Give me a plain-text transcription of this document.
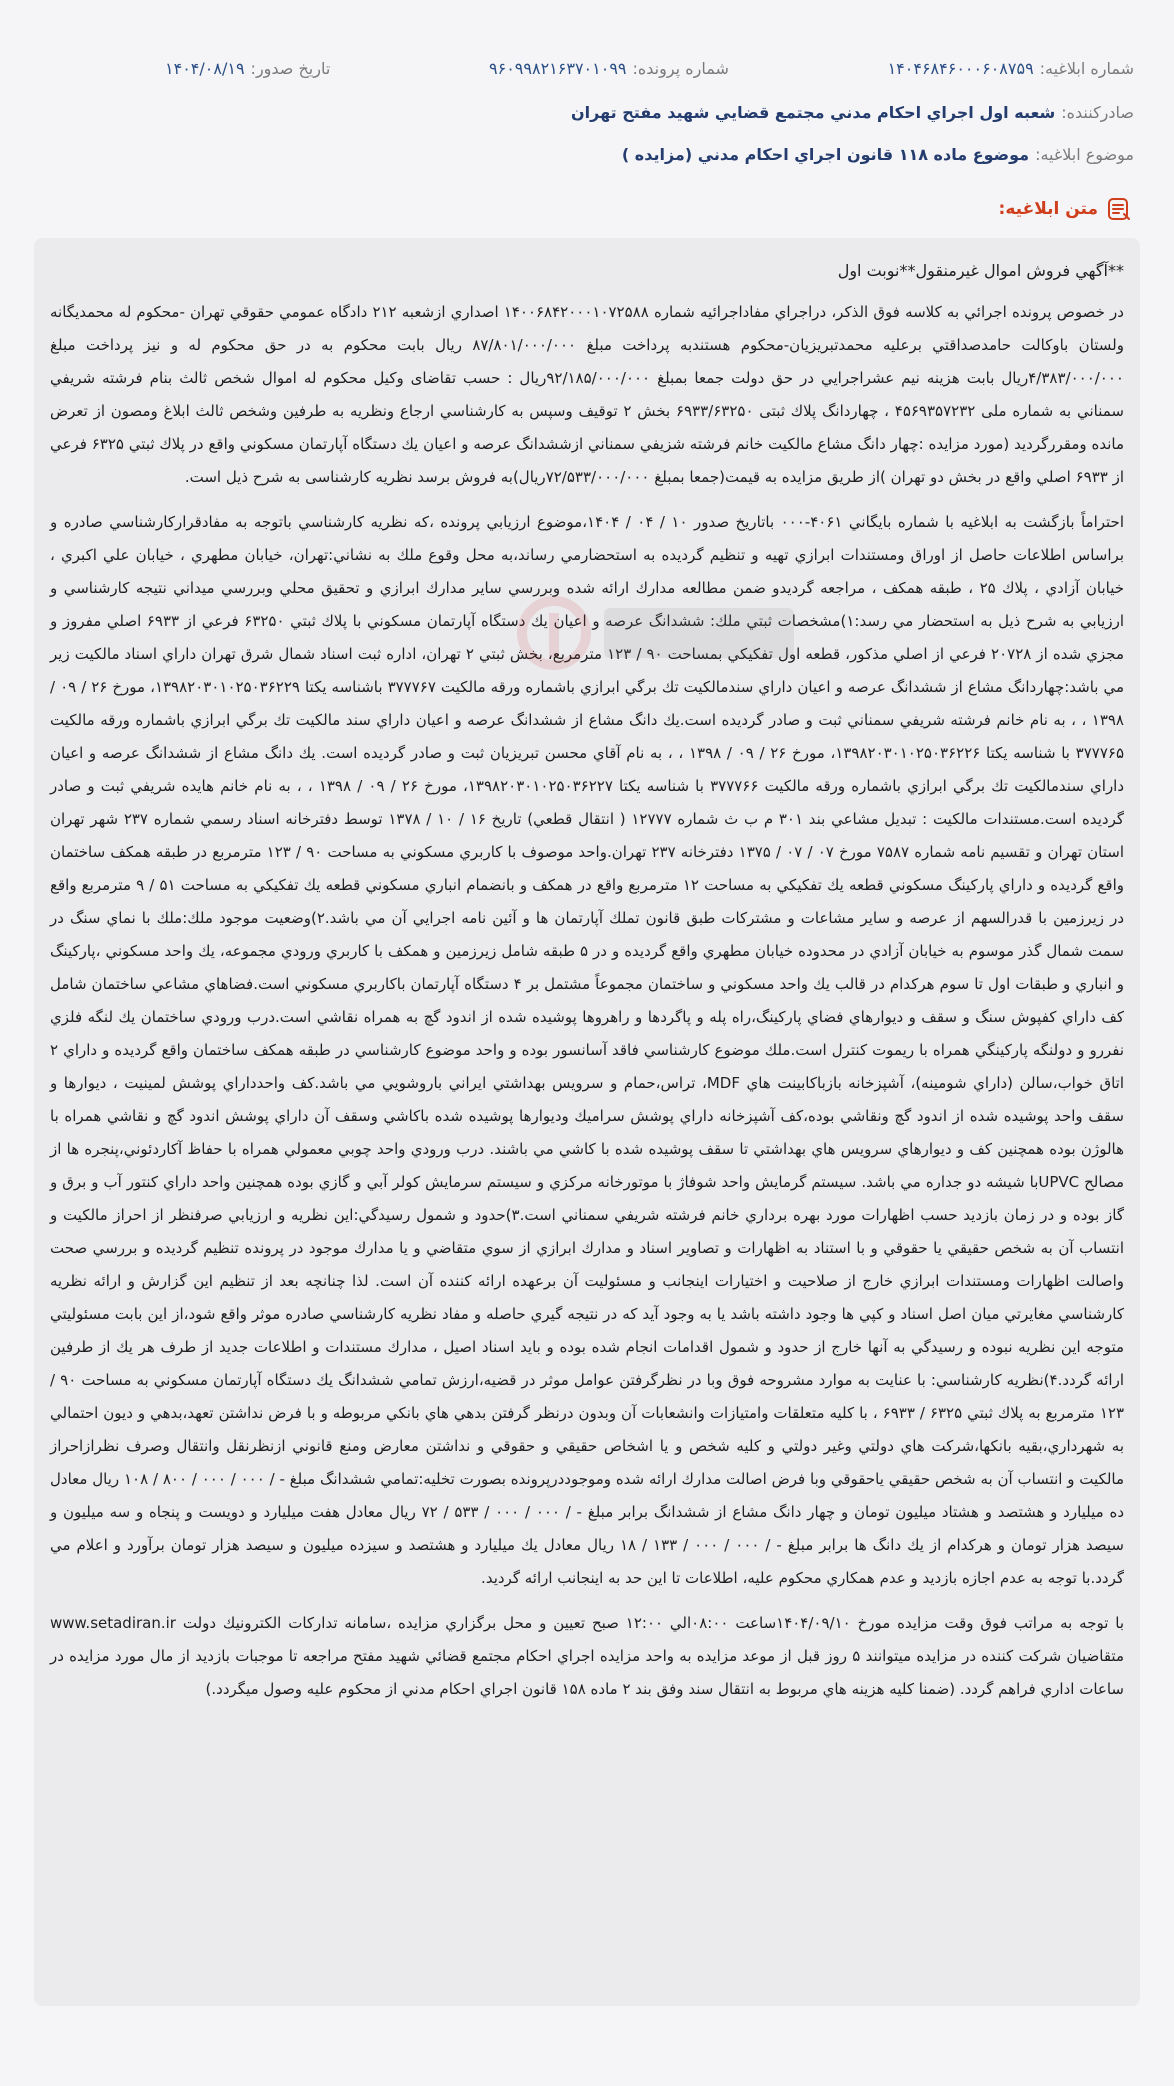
شماره ابلاغیه:
۱۴۰۴۶۸۴۶۰۰۰۶۰۸۷۵۹
شماره پرونده:
۹۶۰۹۹۸۲۱۶۳۷۰۱۰۹۹
تاریخ صدور:
۱۴۰۴/۰۸/۱۹
صادرکننده:
شعبه اول اجراي احكام مدني مجتمع قضايي شهيد مفتح تهران
موضوع ابلاغیه:
موضوع ماده ۱۱۸ قانون اجراي احكام مدني (مزايده )
متن ابلاغیه:

**آگهي فروش اموال غيرمنقول**نوبت اول

در خصوص پرونده اجرائي به كلاسه فوق الذكر، دراجراي مفاداجرائيه شماره ۱۴۰۰۶۸۴۲۰۰۰۱۰۷۲۵۸۸ اصداري ازشعبه ۲۱۲ دادگاه عمومي حقوقي تهران -محكوم له محمديگانه ولستان باوكالت حامدصداقتي برعليه محمدتبريزيان-محكوم هستندبه پرداخت مبلغ ۸۷/۸۰۱/۰۰۰/۰۰۰ ريال بابت محكوم به در حق محكوم له و نيز پرداخت مبلغ ۴/۳۸۳/۰۰۰/۰۰۰ريال بابت هزينه نيم عشراجرايي در حق دولت جمعا بمبلغ ۹۲/۱۸۵/۰۰۰/۰۰۰ريال : حسب تقاضای وكيل محكوم له اموال شخص ثالث بنام فرشته شريفي سمناني به شماره ملى ۴۵۶۹۳۵۷۲۳۲ ، چهاردانگ پلاك ثبتى ۶۹۳۳/۶۳۲۵۰ بخش ۲ توقيف وسپس به كارشناسي ارجاع ونظريه به طرفين وشخص ثالث ابلاغ ومصون از تعرض مانده ومقررگرديد (مورد مزايده :چهار دانگ مشاع مالكيت خانم فرشته شزيفي سمناني ازششدانگ عرصه و اعيان يك دستگاه آپارتمان مسكوني واقع در پلاك ثبتي ۶۳۲۵ فرعي از ۶۹۳۳ اصلي واقع در بخش دو تهران )از طريق مزايده به قيمت(جمعا بمبلغ ۷۲/۵۳۳/۰۰۰/۰۰۰ريال)به فروش برسد نظريه كارشناسى به شرح ذيل است.

احتراماً بازگشت به ابلاغيه با شماره بايگاني ۴۰۶۱-۰۰۰ باتاريخ صدور ۱۰ / ۰۴ / ۱۴۰۴،موضوع ارزيابي پرونده ،كه نظريه كارشناسي باتوجه به مفادقراركارشناسي صادره و براساس اطلاعات حاصل از اوراق ومستندات ابرازي تهيه و تنظيم گرديده به استحضارمي رساند،به محل وقوع ملك به نشاني:تهران، خيابان مطهري ، خيابان علي اكبري ، خيابان آزادي ، پلاك ۲۵ ، طبقه همكف ، مراجعه گرديدو ضمن مطالعه مدارك ارائه شده وبررسي ساير مدارك ابرازي و تحقيق محلي وبررسي ميداني نتيجه كارشناسي و ارزيابي به شرح ذيل به استحضار مي رسد:۱)مشخصات ثبتي ملك: ششدانگ عرصه و اعيان يك دستگاه آپارتمان مسكوني با پلاك ثبتي ۶۳۲۵۰ فرعي از ۶۹۳۳ اصلي مفروز و مجزي شده از ۲۰۷۲۸ فرعي از اصلي مذكور، قطعه اول تفكيكي بمساحت ۹۰ / ۱۲۳ مترمربع، بخش ثبتي ۲ تهران، اداره ثبت اسناد شمال شرق تهران داراي اسناد مالكيت زير مي باشد:چهاردانگ مشاع از ششدانگ عرصه و اعيان داراي سندمالكيت تك برگي ابرازي باشماره ورقه مالكيت ۳۷۷۷۶۷ باشناسه يكتا ۱۳۹۸۲۰۳۰۱۰۲۵۰۳۶۲۲۹، مورخ ۲۶ / ۰۹ / ۱۳۹۸ ، ، به نام خانم فرشته شريفي سمناني ثبت و صادر گرديده است.يك دانگ مشاع از ششدانگ عرصه و اعيان داراي سند مالكيت تك برگي ابرازي باشماره ورقه مالكيت ۳۷۷۷۶۵ با شناسه يكتا ۱۳۹۸۲۰۳۰۱۰۲۵۰۳۶۲۲۶، مورخ ۲۶ / ۰۹ / ۱۳۹۸ ، ، به نام آقاي محسن تبريزيان ثبت و صادر گرديده است. يك دانگ مشاع از ششدانگ عرصه و اعيان داراي سندمالكيت تك برگي ابرازي باشماره ورقه مالكيت ۳۷۷۷۶۶ با شناسه يكتا ۱۳۹۸۲۰۳۰۱۰۲۵۰۳۶۲۲۷، مورخ ۲۶ / ۰۹ / ۱۳۹۸ ، ، به نام خانم هايده شريفي ثبت و صادر گرديده است.مستندات مالكيت : تبديل مشاعي بند ۳۰۱ م ب ث شماره ۱۲۷۷۷ ( انتقال قطعي) تاريخ ۱۶ / ۱۰ / ۱۳۷۸ توسط دفترخانه اسناد رسمي شماره ۲۳۷ شهر تهران استان تهران و تقسيم نامه شماره ۷۵۸۷ مورخ ۰۷ / ۰۷ / ۱۳۷۵ دفترخانه ۲۳۷ تهران.واحد موصوف با كاربري مسكوني به مساحت ۹۰ / ۱۲۳ مترمربع در طبقه همكف ساختمان واقع گرديده و داراي پاركينگ مسكوني قطعه يك تفكيكي به مساحت ۱۲ مترمربع واقع در همكف و بانضمام انباري مسكوني قطعه يك تفكيكي به مساحت ۵۱ / ۹ مترمربع واقع در زيرزمين با قدرالسهم از عرصه و ساير مشاعات و مشتركات طبق قانون تملك آپارتمان ها و آئين نامه اجرايي آن مي باشد.۲)وضعيت موجود ملك:ملك با نماي سنگ در سمت شمال گذر موسوم به خيابان آزادي در محدوده خيابان مطهري واقع گرديده و در ۵ طبقه شامل زيرزمين و همكف با كاربري ورودي مجموعه، يك واحد مسكوني ،پاركينگ و انباري و طبقات اول تا سوم هركدام در قالب يك واحد مسكوني و ساختمان مجموعاً مشتمل بر ۴ دستگاه آپارتمان باكاربري مسكوني است.فضاهاي مشاعي ساختمان شامل كف داراي كفپوش سنگ و سقف و ديوارهاي فضاي پاركينگ،راه پله و پاگردها و راهروها پوشيده شده از اندود گچ به همراه نقاشي است.درب ورودي ساختمان يك لنگه فلزي نفررو و دولنگه پاركينگي همراه با ريموت كنترل است.ملك موضوع كارشناسي فاقد آسانسور بوده و واحد موضوع كارشناسي در طبقه همكف ساختمان واقع گرديده و داراي ۲ اتاق خواب،سالن (داراي شومينه)، آشپزخانه بازباكابينت هاي MDF، تراس،حمام و سرويس بهداشتي ايراني باروشويي مي باشد.كف واحدداراي پوشش لمينيت ، ديوارها و سقف واحد پوشيده شده از اندود گچ ونقاشي بوده،كف آشپزخانه داراي پوشش سراميك وديوارها پوشيده شده باكاشي وسقف آن داراي پوشش اندود گچ و نقاشي همراه با هالوژن بوده همچنين كف و ديوارهاي سرويس هاي بهداشتي تا سقف پوشيده شده با كاشي مي باشند. درب ورودي واحد چوبي معمولي همراه با حفاظ آكاردئوني،پنجره ها از مصالح UPVCبا شيشه دو جداره مي باشد. سيستم گرمايش واحد شوفاژ با موتورخانه مركزي و سيستم سرمايش كولر آبي و گازي بوده همچنين واحد داراي كنتور آب و برق و گاز بوده و در زمان بازديد حسب اظهارات مورد بهره برداري خانم فرشته شريفي سمناني است.۳)حدود و شمول رسيدگي:اين نظريه و ارزيابي صرفنظر از احراز مالكيت و انتساب آن به شخص حقيقي يا حقوقي و با استناد به اظهارات و تصاوير اسناد و مدارك ابرازي از سوي متقاضي و يا مدارك موجود در پرونده تنظيم گرديده و بررسي صحت واصالت اظهارات ومستندات ابرازي خارج از صلاحيت و اختيارات اينجانب و مسئوليت آن برعهده ارائه كننده آن است. لذا چنانچه بعد از تنظيم اين گزارش و ارائه نظريه كارشناسي مغايرتي ميان اصل اسناد و كپي ها وجود داشته باشد يا به وجود آيد كه در نتيجه گيري حاصله و مفاد نظريه كارشناسي صادره موثر واقع شود،از اين بابت مسئوليتي متوجه اين نظريه نبوده و رسيدگي به آنها خارج از حدود و شمول اقدامات انجام شده بوده و بايد اسناد اصيل ، مدارك مستندات و اطلاعات جديد از طرف هر يك از طرفين ارائه گردد.۴)نظريه كارشناسي: با عنايت به موارد مشروحه فوق وبا در نظرگرفتن عوامل موثر در قضيه،ارزش تمامي ششدانگ يك دستگاه آپارتمان مسكوني به مساحت ۹۰ / ۱۲۳ مترمربع به پلاك ثبتي ۶۳۲۵ / ۶۹۳۳ ، با كليه متعلقات وامتيازات وانشعابات آن وبدون درنظر گرفتن بدهي هاي بانكي مربوطه و با فرض نداشتن تعهد،بدهي و ديون احتمالي به شهرداري،بقيه بانكها،شركت هاي دولتي وغير دولتي و كليه شخص و يا اشخاص حقيقي و حقوقي و نداشتن معارض ومنع قانوني ازنظرنقل وانتقال وصرف نظرازاحراز مالكيت و انتساب آن به شخص حقيقي ياحقوقي وبا فرض اصالت مدارك ارائه شده وموجوددرپرونده بصورت تخليه:تمامي ششدانگ مبلغ - / ۰۰۰ / ۰۰۰ / ۸۰۰ / ۱۰۸ ريال معادل ده ميليارد و هشتصد و هشتاد ميليون تومان و چهار دانگ مشاع از ششدانگ برابر مبلغ - / ۰۰۰ / ۰۰۰ / ۵۳۳ / ۷۲ ريال معادل هفت ميليارد و دويست و پنجاه و سه ميليون و سيصد هزار تومان و هركدام از يك دانگ ها برابر مبلغ - / ۰۰۰ / ۰۰۰ / ۱۳۳ / ۱۸ ريال معادل يك ميليارد و هشتصد و سيزده ميليون و سيصد هزار تومان برآورد و اعلام مي گردد.با توجه به عدم اجازه بازديد و عدم همكاري محكوم عليه، اطلاعات تا اين حد به اينجانب ارائه گرديد.

با توجه به مراتب فوق وقت مزايده مورخ ۱۴۰۴/۰۹/۱۰ساعت ۰۸:۰۰الي ۱۲:۰۰ صبح تعيين و محل برگزاري مزايده ،سامانه تداركات الكترونيك دولت www.setadiran.ir متقاضيان شركت كننده در مزايده ميتوانند ۵ روز قبل از موعد مزايده به واحد مزايده اجراي احكام مجتمع قضائي شهيد مفتح مراجعه تا موجبات بازديد از مال مورد مزايده در ساعات اداري فراهم گردد. (ضمنا كليه هزينه هاي مربوط به انتقال سند وفق بند ۲ ماده ۱۵۸ قانون اجراي احكام مدني از محكوم عليه وصول ميگردد.)
